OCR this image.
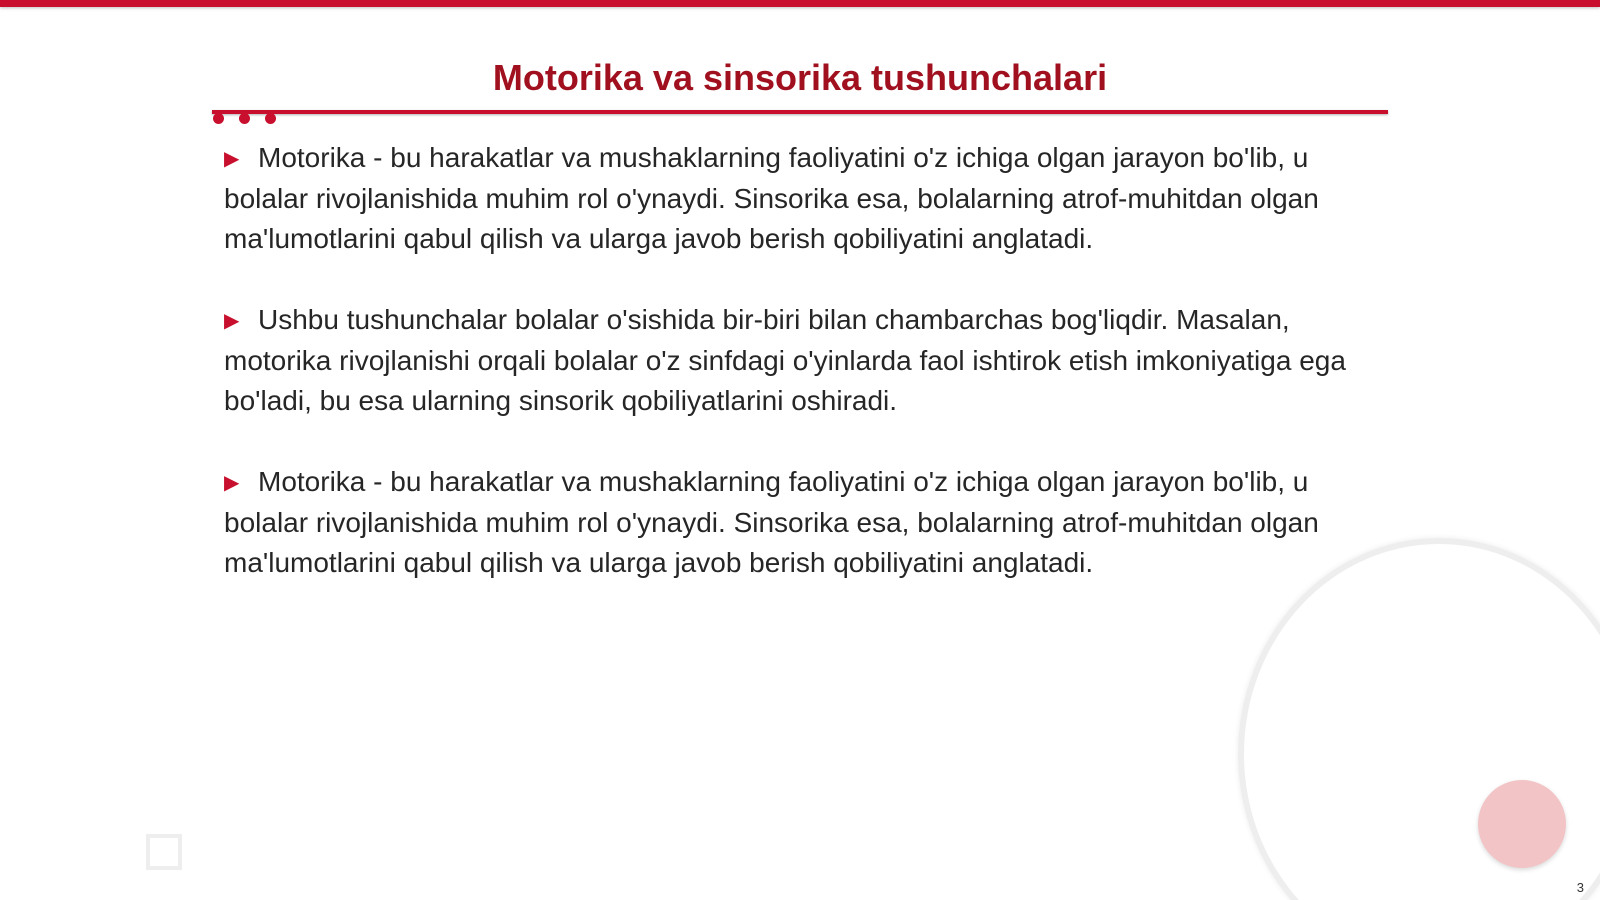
Motorika va sinsorika tushunchalari

▶ Motorika - bu harakatlar va mushaklarning faoliyatini o'z ichiga olgan jarayon bo'lib, u bolalar rivojlanishida muhim rol o'ynaydi. Sinsorika esa, bolalarning atrof-muhitdan olgan ma'lumotlarini qabul qilish va ularga javob berish qobiliyatini anglatadi.

▶ Ushbu tushunchalar bolalar o'sishida bir-biri bilan chambarchas bog'liqdir. Masalan, motorika rivojlanishi orqali bolalar o'z sinfdagi o'yinlarda faol ishtirok etish imkoniyatiga ega bo'ladi, bu esa ularning sinsorik qobiliyatlarini oshiradi.

▶ Motorika - bu harakatlar va mushaklarning faoliyatini o'z ichiga olgan jarayon bo'lib, u bolalar rivojlanishida muhim rol o'ynaydi. Sinsorika esa, bolalarning atrof-muhitdan olgan ma'lumotlarini qabul qilish va ularga javob berish qobiliyatini anglatadi.

3
